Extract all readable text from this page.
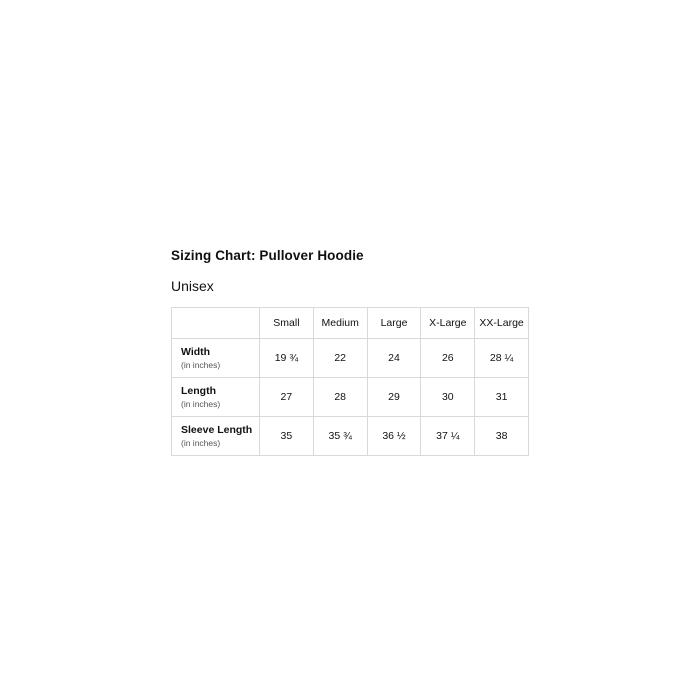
Sizing Chart: Pullover Hoodie
Unisex
	Small	Medium	Large	X-Large	XX-Large

Width
(in inches)	19 ¾	22	24	26	28 ¼

Length
(in inches)	27	28	29	30	31

Sleeve Length
(in inches)	35	35 ¾	36 ½	37 ¼	38
